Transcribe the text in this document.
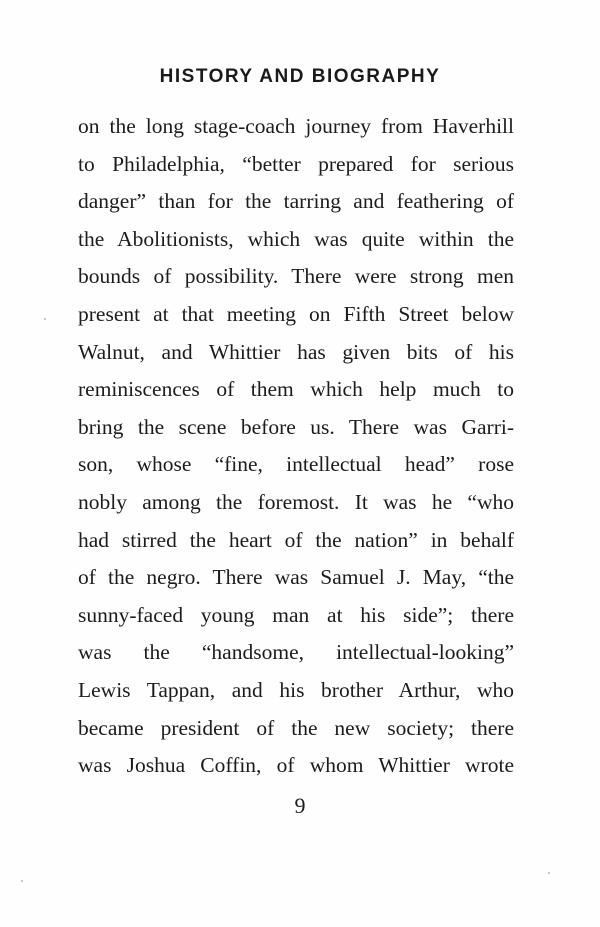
HISTORY AND BIOGRAPHY
on the long stage-coach journey from Haverhill
to Philadelphia, “better prepared for serious
danger” than for the tarring and feathering of
the Abolitionists, which was quite within the
bounds of possibility. There were strong men
present at that meeting on Fifth Street below
Walnut, and Whittier has given bits of his
reminiscences of them which help much to
bring the scene before us. There was Garri-
son, whose “fine, intellectual head” rose
nobly among the foremost. It was he “who
had stirred the heart of the nation” in behalf
of the negro. There was Samuel J. May, “the
sunny-faced young man at his side”; there
was the “handsome, intellectual-looking”
Lewis Tappan, and his brother Arthur, who
became president of the new society; there
was Joshua Coffin, of whom Whittier wrote
9
